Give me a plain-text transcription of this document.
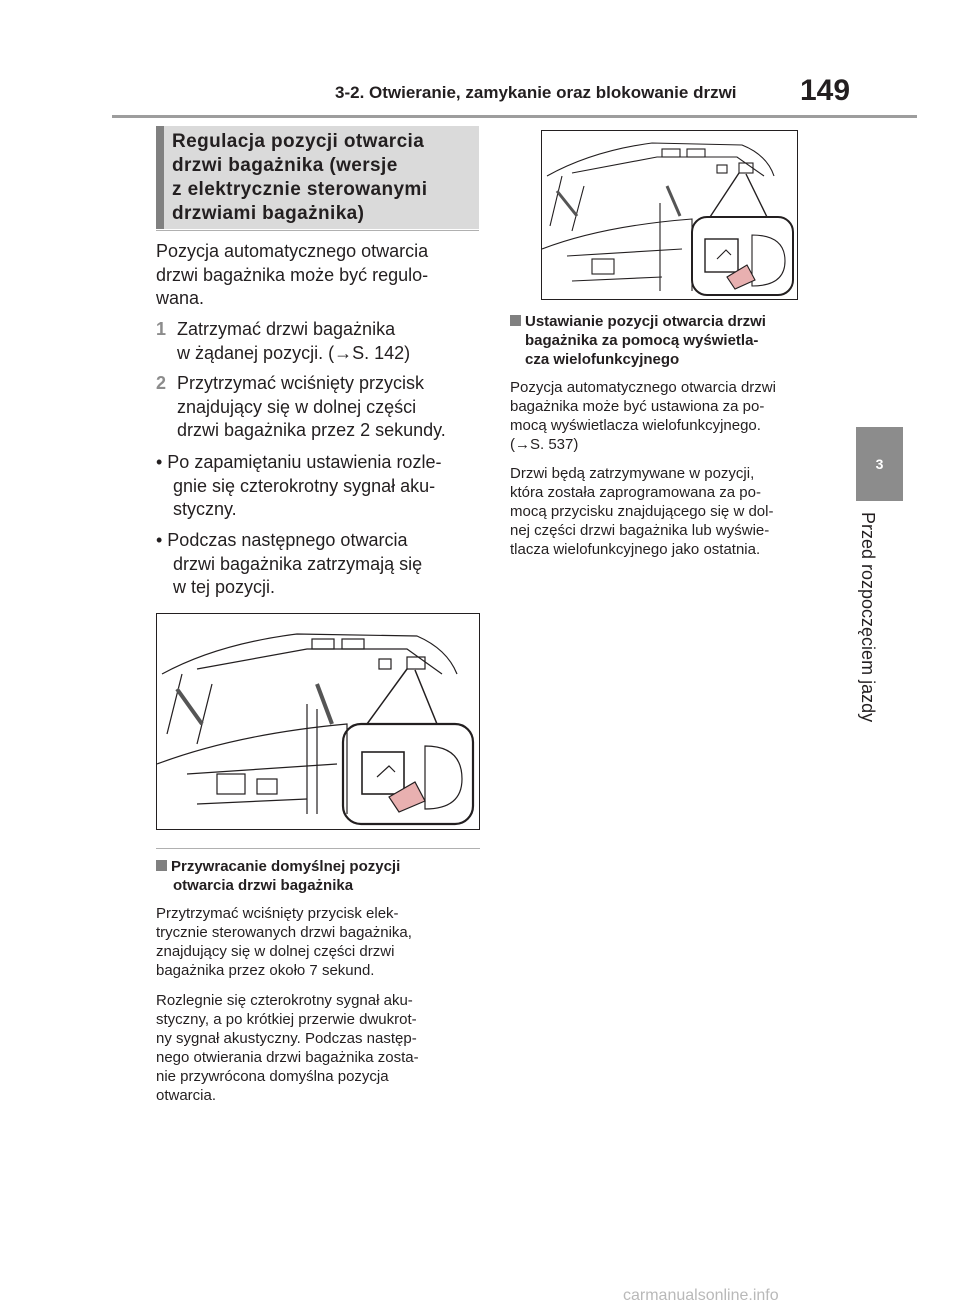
3-2. Otwieranie, zamykanie oraz blokowanie drzwi 149
3
Przed rozpoczęciem jazdy
Regulacja pozycji otwarcia
drzwi bagażnika (wersje
z elektrycznie sterowanymi
drzwiami bagażnika)
Pozycja automatycznego otwarcia
drzwi bagażnika może być regulo-
wana.
1 Zatrzymać drzwi bagażnika
w żądanej pozycji. (→S. 142)
2 Przytrzymać wciśnięty przycisk
znajdujący się w dolnej części
drzwi bagażnika przez 2 sekundy.
• Po zapamiętaniu ustawienia rozle-
gnie się czterokrotny sygnał aku-
styczny.
• Podczas następnego otwarcia
drzwi bagażnika zatrzymają się
w tej pozycji.
Przywracanie domyślnej pozycji
otwarcia drzwi bagażnika
Przytrzymać wciśnięty przycisk elek-
trycznie sterowanych drzwi bagażnika,
znajdujący się w dolnej części drzwi
bagażnika przez około 7 sekund.
Rozlegnie się czterokrotny sygnał aku-
styczny, a po krótkiej przerwie dwukrot-
ny sygnał akustyczny. Podczas następ-
nego otwierania drzwi bagażnika zosta-
nie przywrócona domyślna pozycja
otwarcia.
Ustawianie pozycji otwarcia drzwi
bagażnika za pomocą wyświetla-
cza wielofunkcyjnego
Pozycja automatycznego otwarcia drzwi
bagażnika może być ustawiona za po-
mocą wyświetlacza wielofunkcyjnego.
(→S. 537)
Drzwi będą zatrzymywane w pozycji,
która została zaprogramowana za po-
mocą przycisku znajdującego się w dol-
nej części drzwi bagażnika lub wyświe-
tlacza wielofunkcyjnego jako ostatnia.
carmanualsonline.info
